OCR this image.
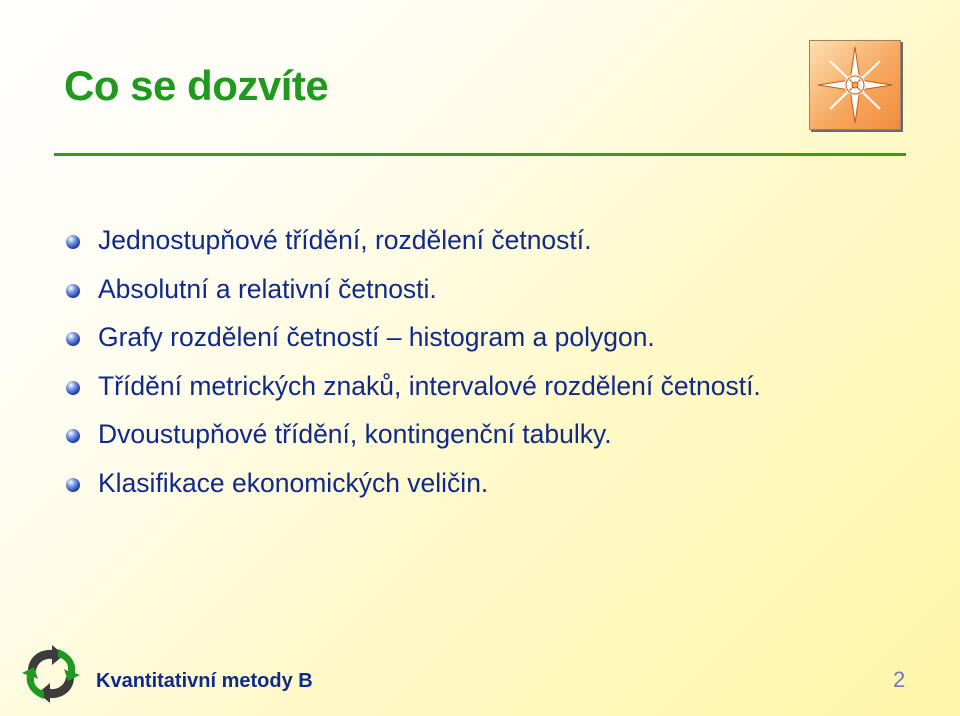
Co se dozvíte
Jednostupňové třídění, rozdělení četností.
Absolutní a relativní četnosti.
Grafy rozdělení četností – histogram a polygon.
Třídění metrických znaků, intervalové rozdělení četností.
Dvoustupňové třídění, kontingenční tabulky.
Klasifikace ekonomických veličin.
Kvantitativní metody B	2
